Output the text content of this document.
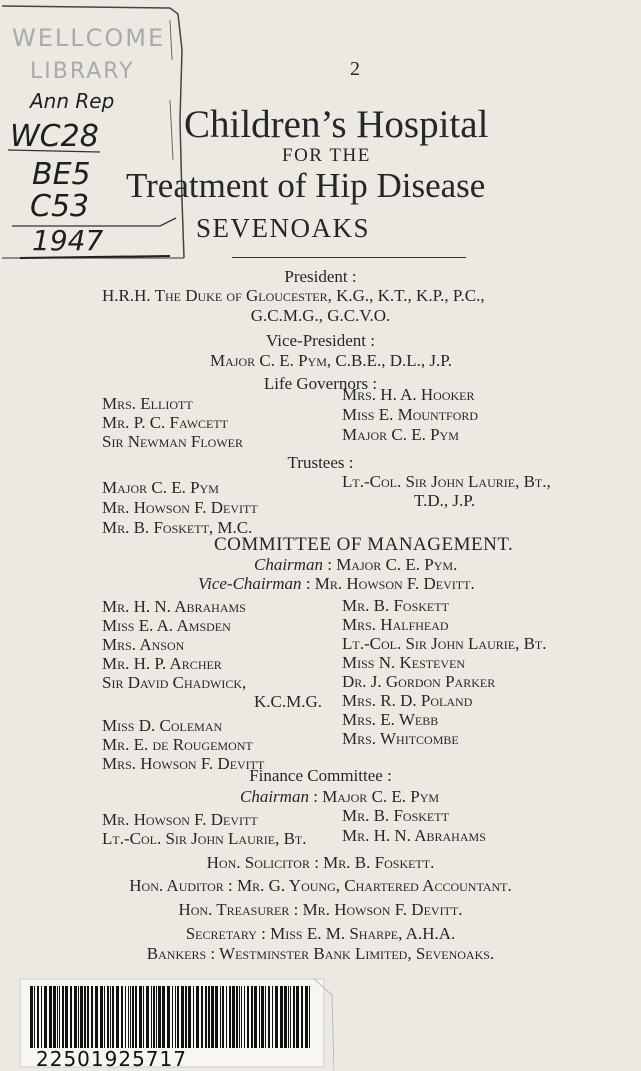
WELLCOME
LIBRARY
Ann Rep
WC28
BE5
C53
1947
2
Children’s Hospital
FOR THE
Treatment of Hip Disease
SEVENOAKS
President :
H.R.H. The Duke of Gloucester, K.G., K.T., K.P., P.C.,
G.C.M.G., G.C.V.O.
Vice-President :
Major C. E. Pym, C.B.E., D.L., J.P.
Life Governors :
Mrs. Elliott
Mr. P. C. Fawcett
Sir Newman Flower
Mrs. H. A. Hooker
Miss E. Mountford
Major C. E. Pym
Trustees :
Major C. E. Pym
Mr. Howson F. Devitt
Mr. B. Foskett, M.C.
Lt.-Col. Sir John Laurie, Bt.,
T.D., J.P.
COMMITTEE OF MANAGEMENT.
Chairman : Major C. E. Pym.
Vice-Chairman : Mr. Howson F. Devitt.
Mr. H. N. Abrahams
Miss E. A. Amsden
Mrs. Anson
Mr. H. P. Archer
Sir David Chadwick,
K.C.M.G.
Miss D. Coleman
Mr. E. de Rougemont
Mrs. Howson F. Devitt
Mr. B. Foskett
Mrs. Halfhead
Lt.-Col. Sir John Laurie, Bt.
Miss N. Kesteven
Dr. J. Gordon Parker
Mrs. R. D. Poland
Mrs. E. Webb
Mrs. Whitcombe
Finance Committee :
Chairman : Major C. E. Pym
Mr. Howson F. Devitt
Lt.-Col. Sir John Laurie, Bt.
Mr. B. Foskett
Mr. H. N. Abrahams
Hon. Solicitor : Mr. B. Foskett.
Hon. Auditor : Mr. G. Young, Chartered Accountant.
Hon. Treasurer : Mr. Howson F. Devitt.
Secretary : Miss E. M. Sharpe, A.H.A.
Bankers : Westminster Bank Limited, Sevenoaks.
22501925717
